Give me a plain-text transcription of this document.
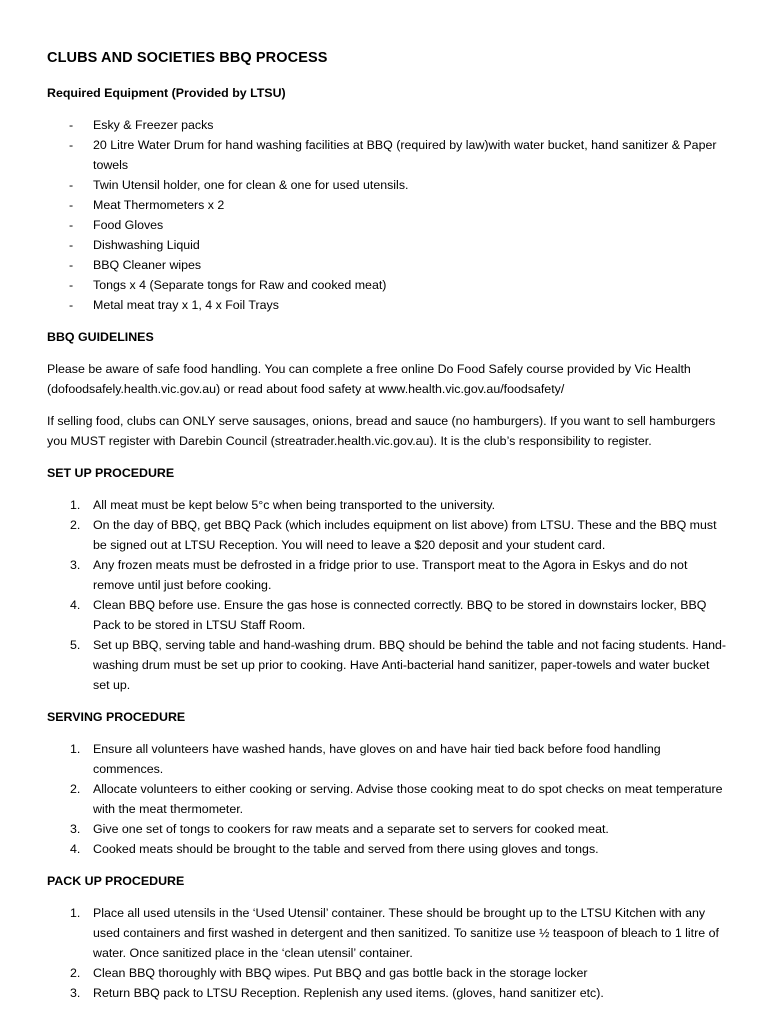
CLUBS AND SOCIETIES BBQ PROCESS
Required Equipment (Provided by LTSU)
- Esky & Freezer packs
- 20 Litre Water Drum for hand washing facilities at BBQ (required by law)with water bucket, hand sanitizer & Paper towels
- Twin Utensil holder, one for clean & one for used utensils.
- Meat Thermometers x 2
- Food Gloves
- Dishwashing Liquid
- BBQ Cleaner wipes
- Tongs x 4 (Separate tongs for Raw and cooked meat)
- Metal meat tray x 1, 4 x Foil Trays
BBQ GUIDELINES

Please be aware of safe food handling. You can complete a free online Do Food Safely course provided by Vic Health (dofoodsafely.health.vic.gov.au) or read about food safety at www.health.vic.gov.au/foodsafety/

If selling food, clubs can ONLY serve sausages, onions, bread and sauce (no hamburgers). If you want to sell hamburgers you MUST register with Darebin Council (streatrader.health.vic.gov.au). It is the club’s responsibility to register.

SET UP PROCEDURE
1. All meat must be kept below 5°c when being transported to the university.
2. On the day of BBQ, get BBQ Pack (which includes equipment on list above) from LTSU. These and the BBQ must be signed out at LTSU Reception. You will need to leave a $20 deposit and your student card.
3. Any frozen meats must be defrosted in a fridge prior to use. Transport meat to the Agora in Eskys and do not remove until just before cooking.
4. Clean BBQ before use. Ensure the gas hose is connected correctly. BBQ to be stored in downstairs locker, BBQ Pack to be stored in LTSU Staff Room.
5. Set up BBQ, serving table and hand-washing drum. BBQ should be behind the table and not facing students. Hand-washing drum must be set up prior to cooking. Have Anti-bacterial hand sanitizer, paper-towels and water bucket set up.
SERVING PROCEDURE
1. Ensure all volunteers have washed hands, have gloves on and have hair tied back before food handling commences.
2. Allocate volunteers to either cooking or serving. Advise those cooking meat to do spot checks on meat temperature with the meat thermometer.
3. Give one set of tongs to cookers for raw meats and a separate set to servers for cooked meat.
4. Cooked meats should be brought to the table and served from there using gloves and tongs.
PACK UP PROCEDURE
1. Place all used utensils in the ‘Used Utensil’ container. These should be brought up to the LTSU Kitchen with any used containers and first washed in detergent and then sanitized. To sanitize use ½ teaspoon of bleach to 1 litre of water. Once sanitized place in the ‘clean utensil’ container.
2. Clean BBQ thoroughly with BBQ wipes. Put BBQ and gas bottle back in the storage locker
3. Return BBQ pack to LTSU Reception. Replenish any used items. (gloves, hand sanitizer etc).
